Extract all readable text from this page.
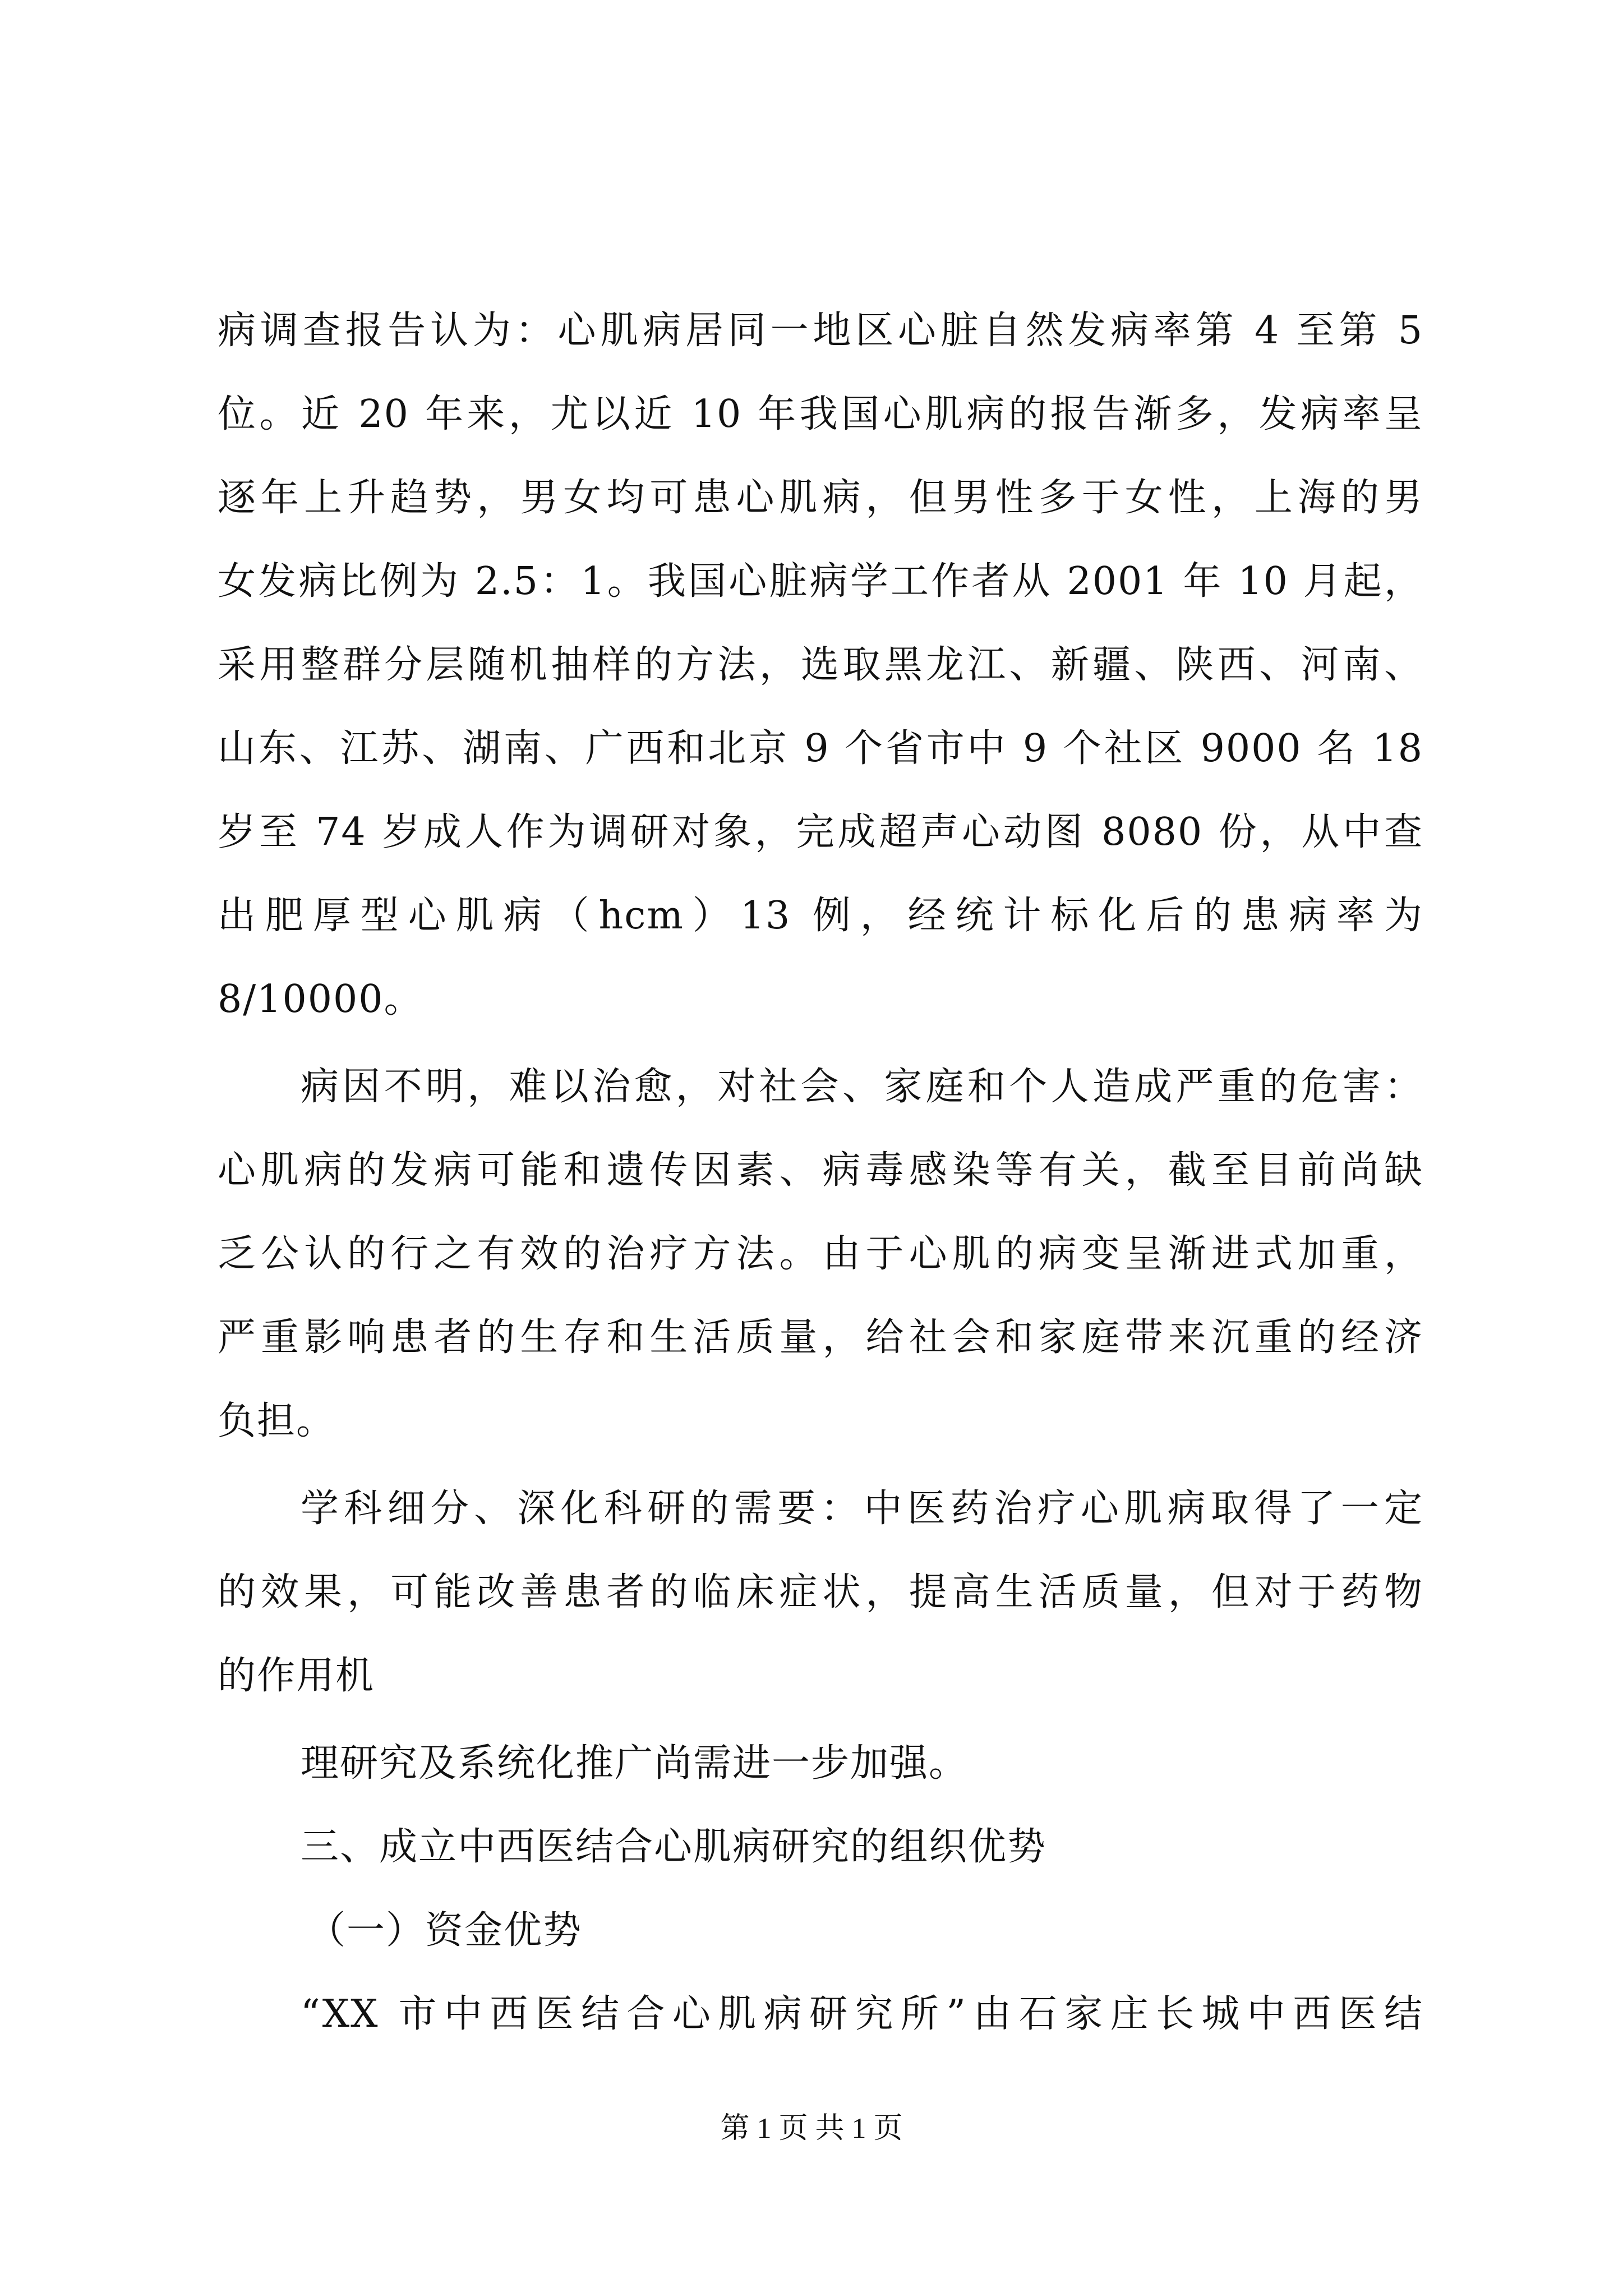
病调查报告认为：心肌病居同一地区心脏自然发病率第 4 至第 5
位。近 20 年来，尤以近 10 年我国心肌病的报告渐多，发病率呈
逐年上升趋势，男女均可患心肌病，但男性多于女性，上海的男
女发病比例为 2.5：1。我国心脏病学工作者从 2001 年 10 月起，
采用整群分层随机抽样的方法，选取黑龙江、新疆、陕西、河南、
山东、江苏、湖南、广西和北京 9 个省市中 9 个社区 9000 名 18
岁至 74 岁成人作为调研对象，完成超声心动图 8080 份，从中查
出肥厚型心肌病（hcm）13 例，经统计标化后的患病率为
8/10000。
病因不明，难以治愈，对社会、家庭和个人造成严重的危害：
心肌病的发病可能和遗传因素、病毒感染等有关，截至目前尚缺
乏公认的行之有效的治疗方法。由于心肌的病变呈渐进式加重，
严重影响患者的生存和生活质量，给社会和家庭带来沉重的经济
负担。
学科细分、深化科研的需要：中医药治疗心肌病取得了一定
的效果，可能改善患者的临床症状，提高生活质量，但对于药物
的作用机
理研究及系统化推广尚需进一步加强。
三、成立中西医结合心肌病研究的组织优势
（一）资金优势
“XX 市中西医结合心肌病研究所”由石家庄长城中西医结
第 1 页 共 1 页
